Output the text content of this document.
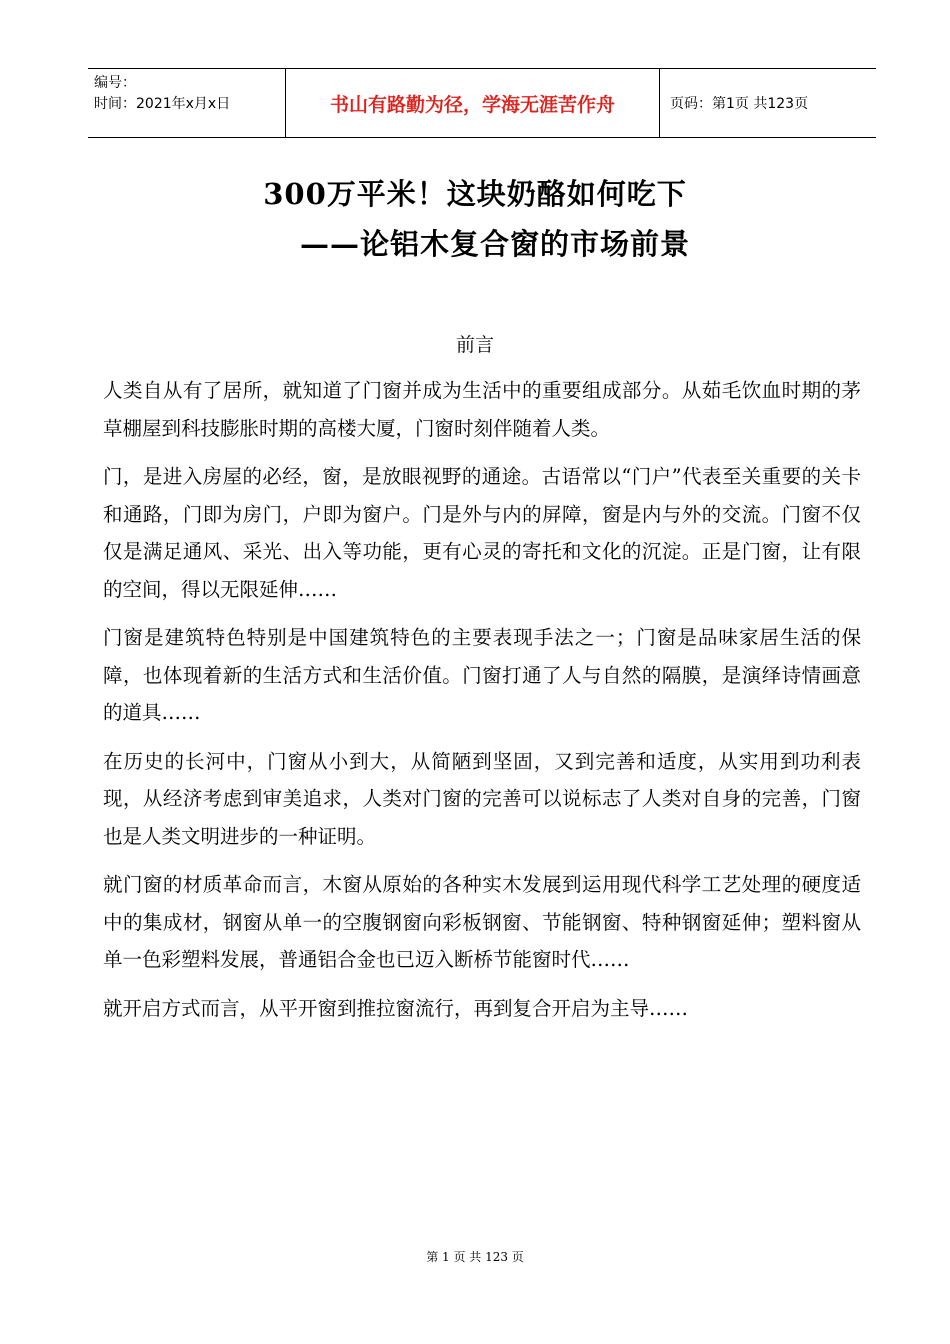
编号：
时间：2021年x月x日	书山有路勤为径，学海无涯苦作舟	页码：第1页 共123页
300万平米！这块奶酪如何吃下
——论铝木复合窗的市场前景
前言

人类自从有了居所，就知道了门窗并成为生活中的重要组成部分。从茹毛饮血时期的茅草棚屋到科技膨胀时期的高楼大厦，门窗时刻伴随着人类。

门，是进入房屋的必经，窗，是放眼视野的通途。古语常以“门户”代表至关重要的关卡和通路，门即为房门，户即为窗户。门是外与内的屏障，窗是内与外的交流。门窗不仅仅是满足通风、采光、出入等功能，更有心灵的寄托和文化的沉淀。正是门窗，让有限的空间，得以无限延伸……

门窗是建筑特色特别是中国建筑特色的主要表现手法之一；门窗是品味家居生活的保障，也体现着新的生活方式和生活价值。门窗打通了人与自然的隔膜，是演绎诗情画意的道具……

在历史的长河中，门窗从小到大，从简陋到坚固，又到完善和适度，从实用到功利表现，从经济考虑到审美追求，人类对门窗的完善可以说标志了人类对自身的完善，门窗也是人类文明进步的一种证明。

就门窗的材质革命而言，木窗从原始的各种实木发展到运用现代科学工艺处理的硬度适中的集成材，钢窗从单一的空腹钢窗向彩板钢窗、节能钢窗、特种钢窗延伸；塑料窗从单一色彩塑料发展，普通铝合金也已迈入断桥节能窗时代……

就开启方式而言，从平开窗到推拉窗流行，再到复合开启为主导……

第 1 页 共 123 页
